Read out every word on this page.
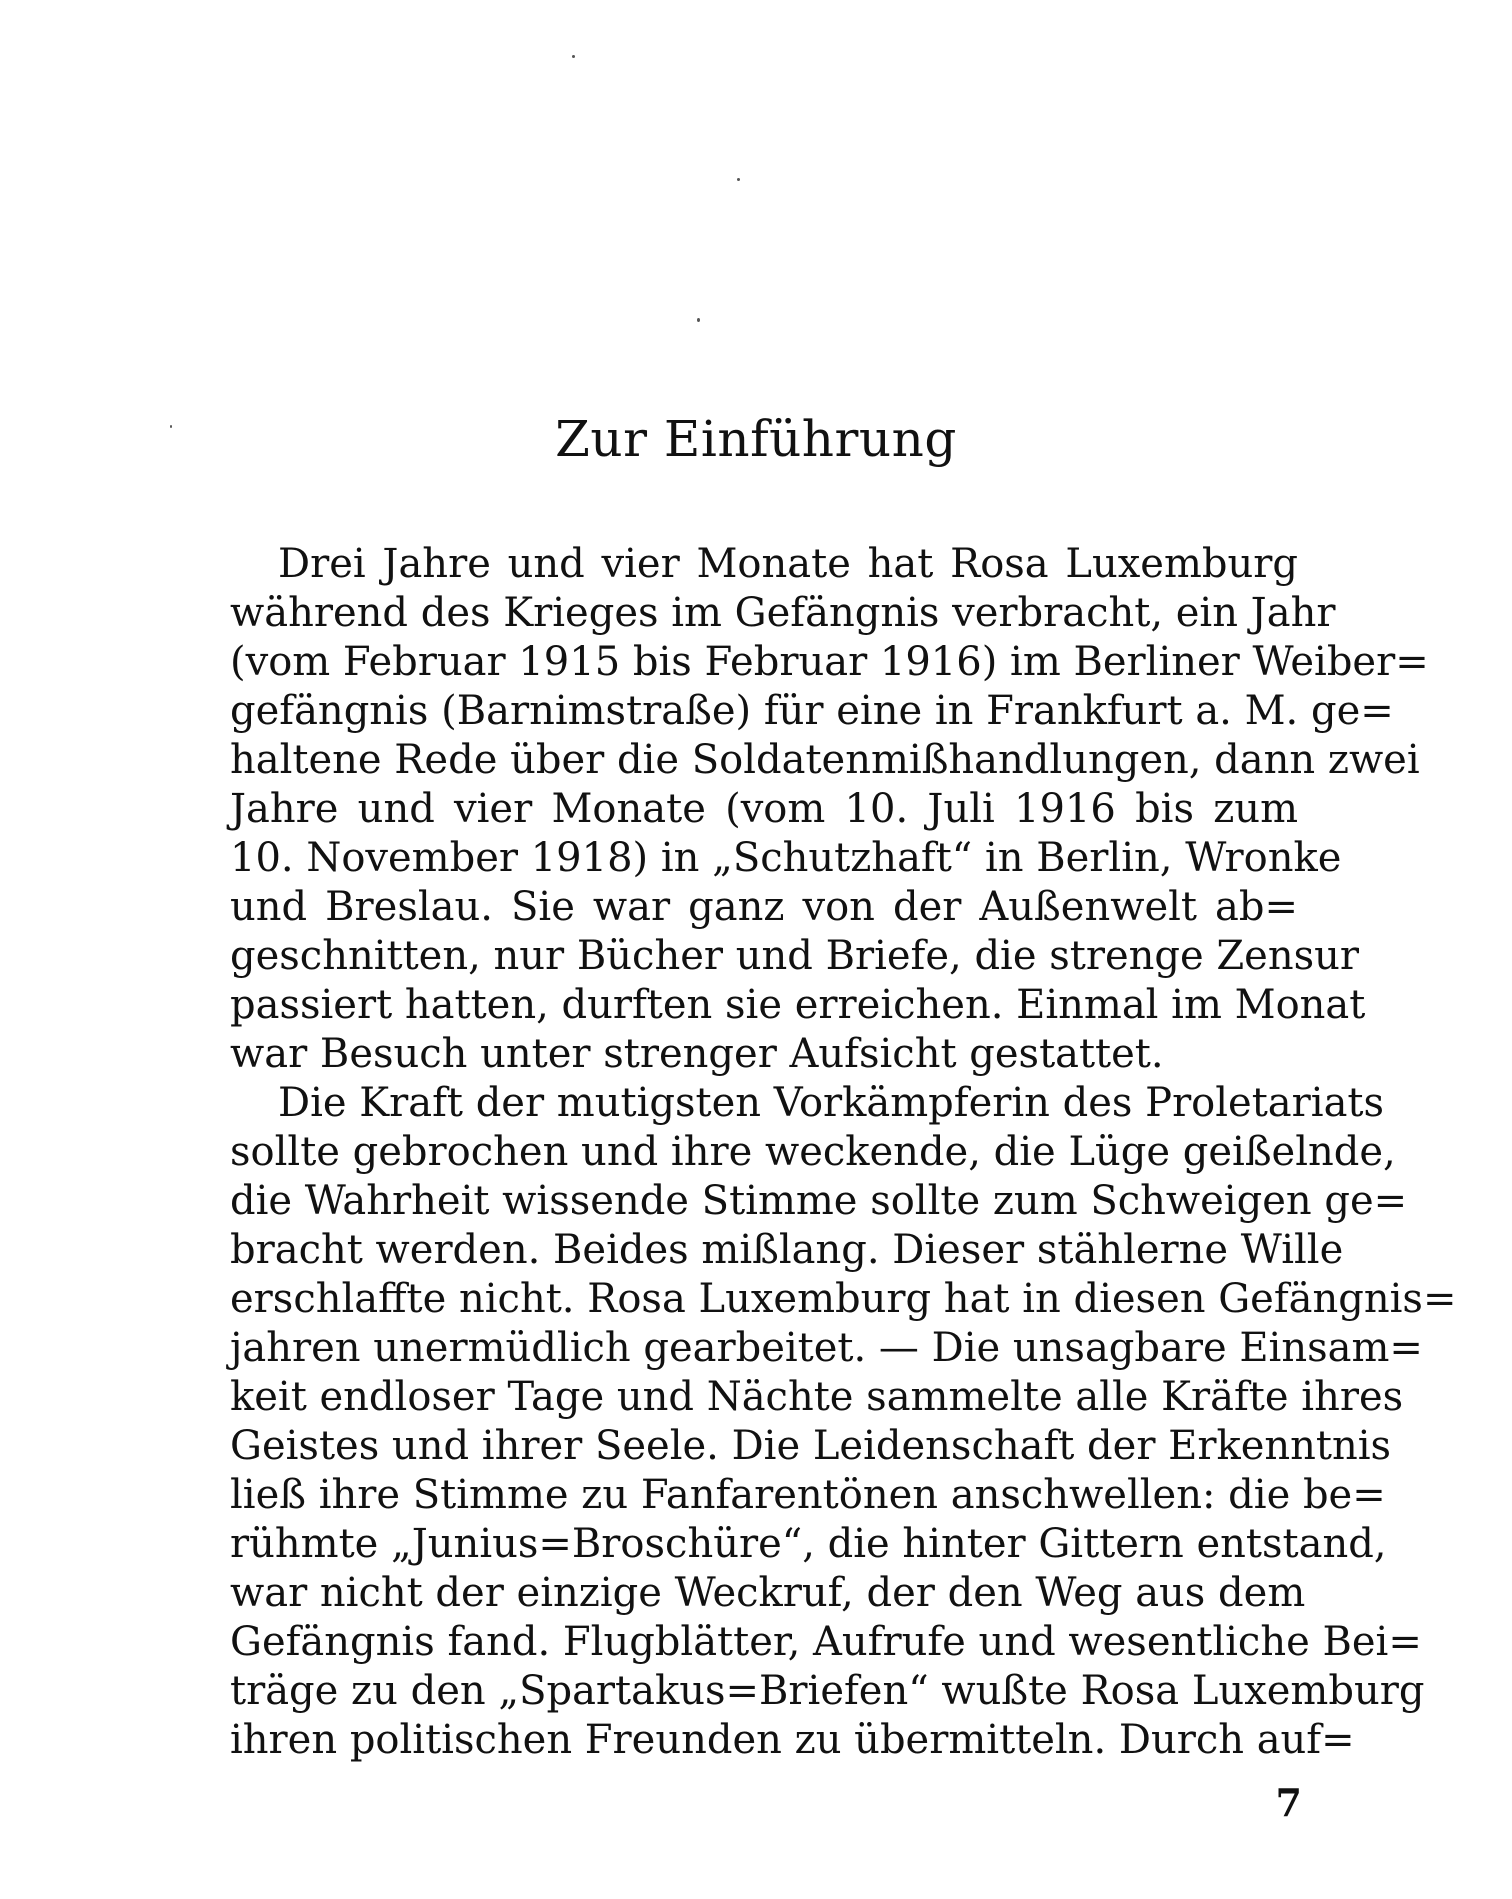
Zur Einführung
Drei Jahre und vier Monate hat Rosa Luxemburg
während des Krieges im Gefängnis verbracht, ein Jahr
(vom Februar 1915 bis Februar 1916) im Berliner Weiber=
gefängnis (Barnimstraße) für eine in Frankfurt a. M. ge=
haltene Rede über die Soldatenmißhandlungen, dann zwei
Jahre und vier Monate (vom 10. Juli 1916 bis zum
10. November 1918) in „Schutzhaft“ in Berlin, Wronke
und Breslau. Sie war ganz von der Außenwelt ab=
geschnitten, nur Bücher und Briefe, die strenge Zensur
passiert hatten, durften sie erreichen. Einmal im Monat
war Besuch unter strenger Aufsicht gestattet.
Die Kraft der mutigsten Vorkämpferin des Proletariats
sollte gebrochen und ihre weckende, die Lüge geißelnde,
die Wahrheit wissende Stimme sollte zum Schweigen ge=
bracht werden. Beides mißlang. Dieser stählerne Wille
erschlaffte nicht. Rosa Luxemburg hat in diesen Gefängnis=
jahren unermüdlich gearbeitet. — Die unsagbare Einsam=
keit endloser Tage und Nächte sammelte alle Kräfte ihres
Geistes und ihrer Seele. Die Leidenschaft der Erkenntnis
ließ ihre Stimme zu Fanfarentönen anschwellen: die be=
rühmte „Junius=Broschüre“, die hinter Gittern entstand,
war nicht der einzige Weckruf, der den Weg aus dem
Gefängnis fand. Flugblätter, Aufrufe und wesentliche Bei=
träge zu den „Spartakus=Briefen“ wußte Rosa Luxemburg
ihren politischen Freunden zu übermitteln. Durch auf=
7
